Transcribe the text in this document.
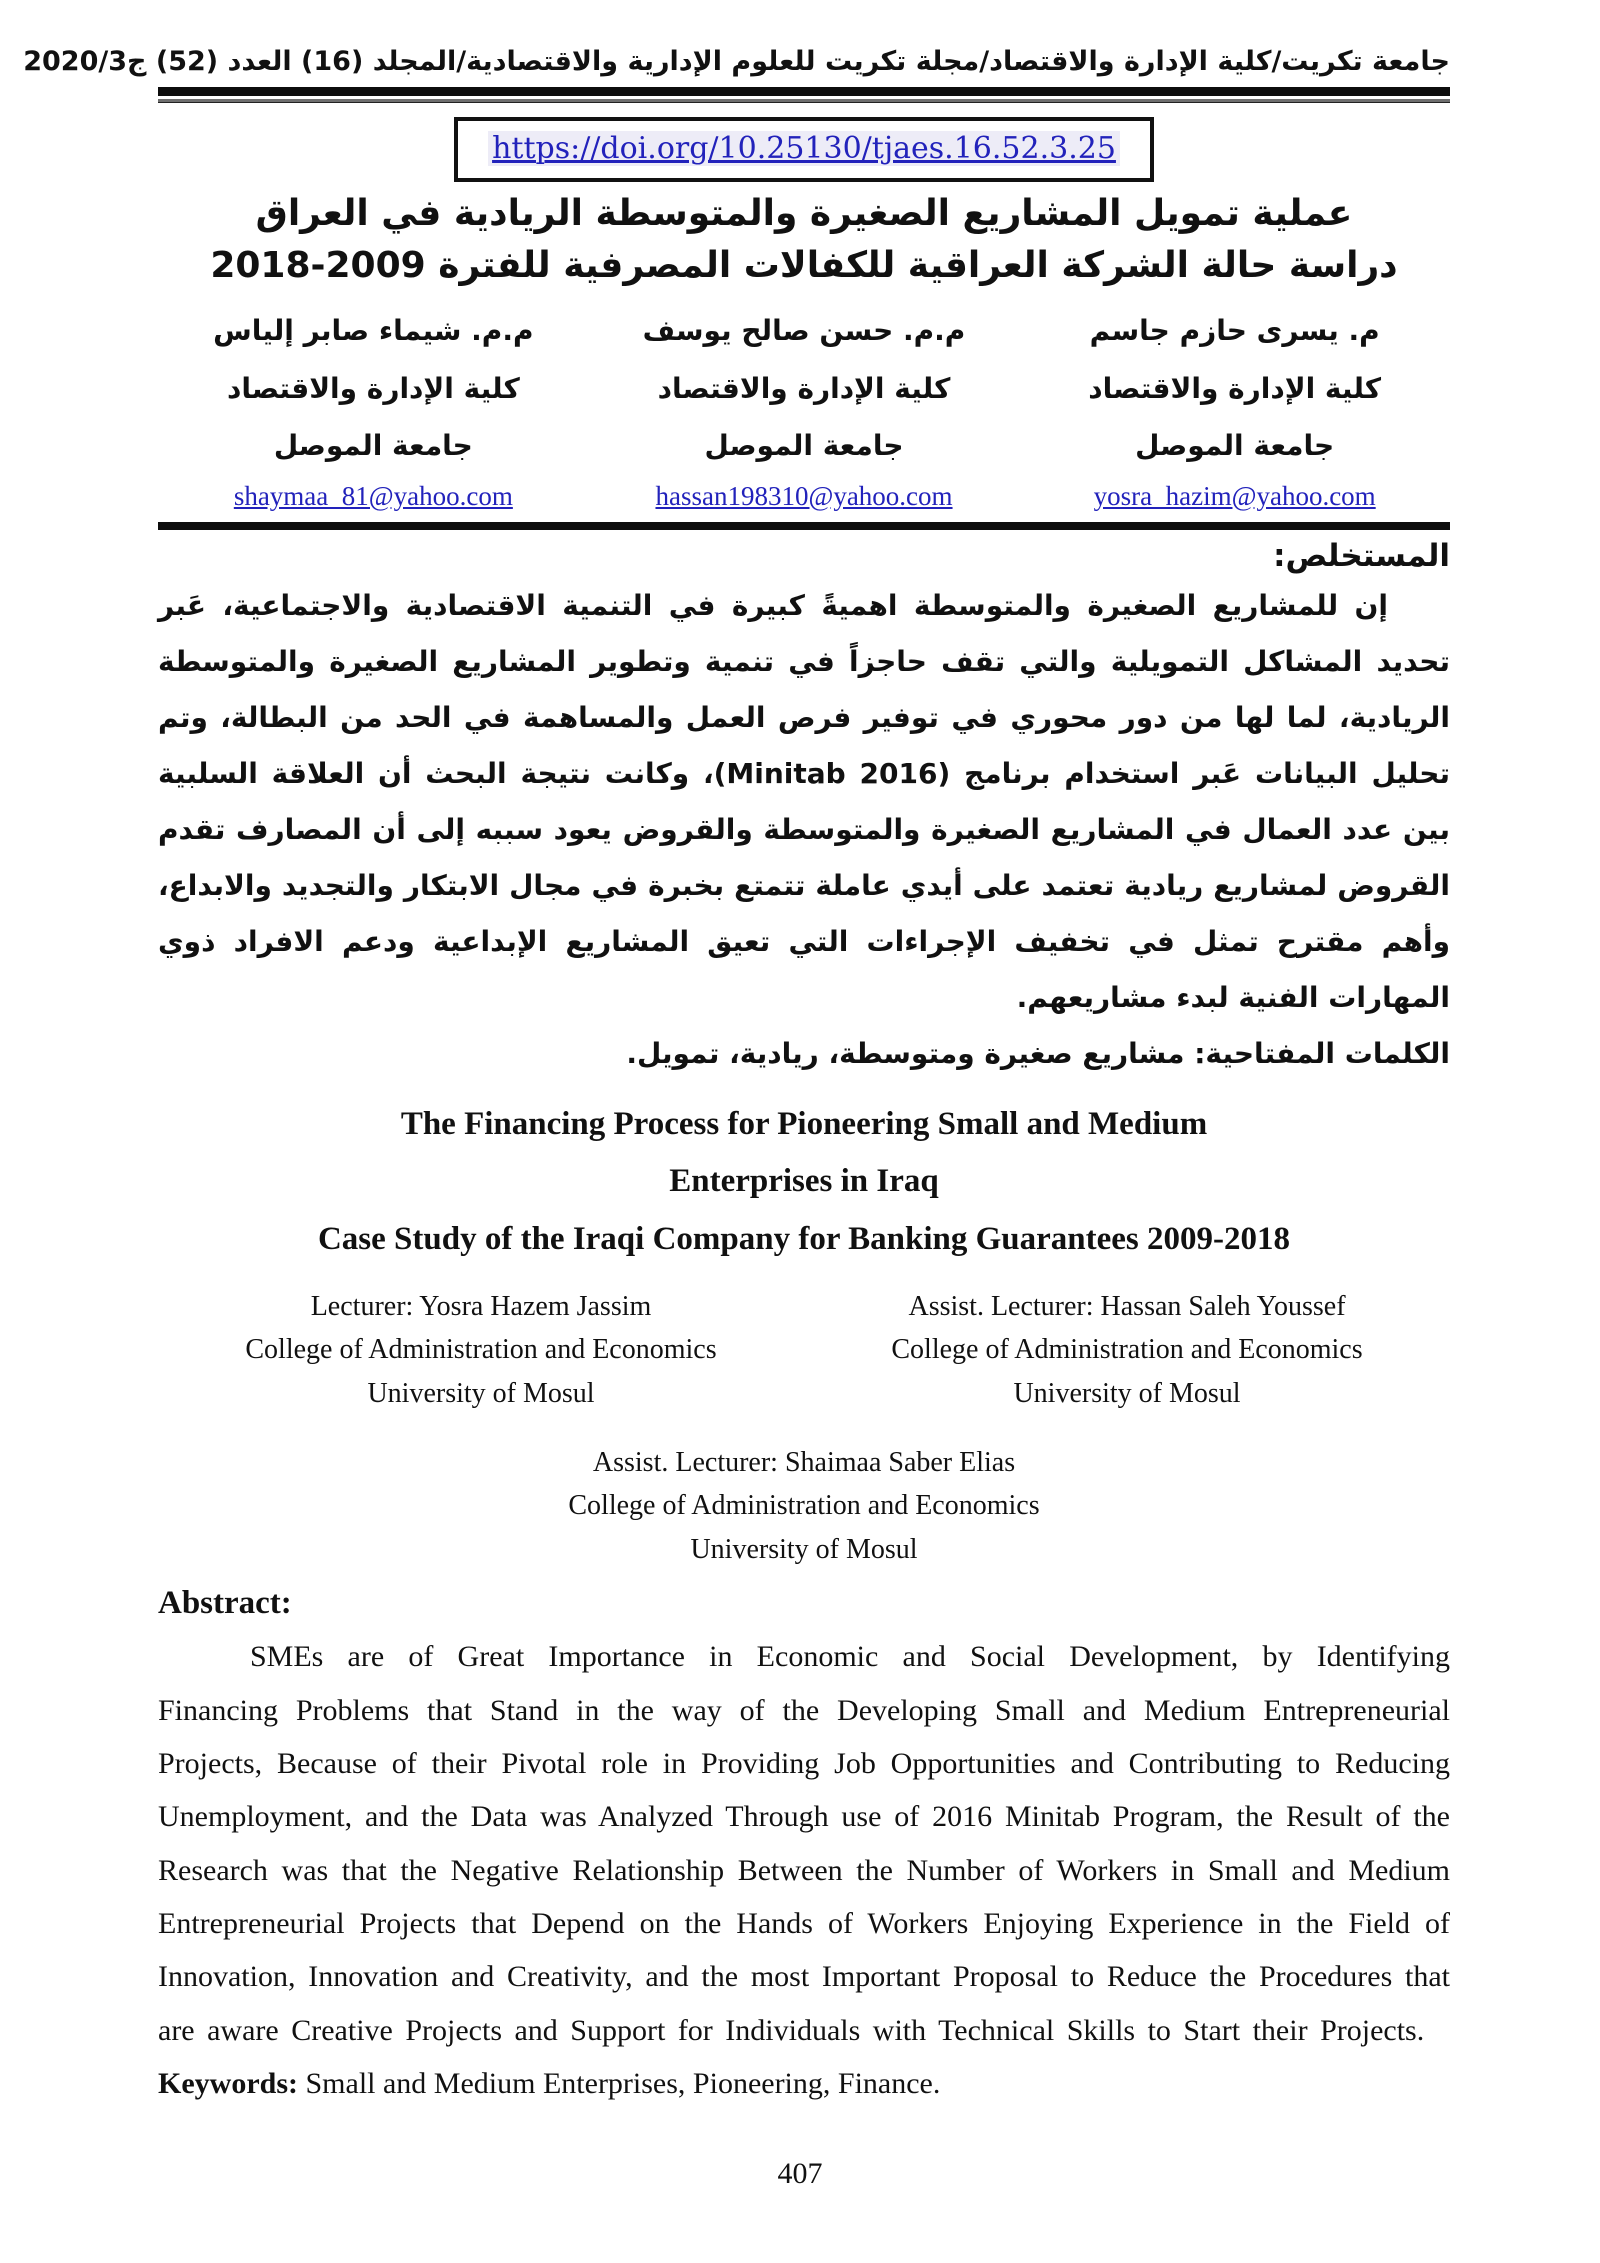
جامعة تكريت/كلية الإدارة والاقتصاد/مجلة تكريت للعلوم الإدارية والاقتصادية/المجلد (16) العدد (52) ج2020/3
https://doi.org/10.25130/tjaes.16.52.3.25
عملية تمويل المشاريع الصغيرة والمتوسطة الريادية في العراق
دراسة حالة الشركة العراقية للكفالات المصرفية للفترة 2009‏-‏2018
م. يسرى حازم جاسم
كلية الإدارة والاقتصاد
جامعة الموصل
yosra_hazim@yahoo.com
م.م. حسن صالح يوسف
كلية الإدارة والاقتصاد
جامعة الموصل
hassan198310@yahoo.com
م.م. شيماء صابر إلياس
كلية الإدارة والاقتصاد
جامعة الموصل
shaymaa_81@yahoo.com
المستخلص:
إن للمشاريع الصغيرة والمتوسطة اهميةً كبيرة في التنمية الاقتصادية والاجتماعية، عَبر تحديد المشاكل التمويلية والتي تقف حاجزاً في تنمية وتطوير المشاريع الصغيرة والمتوسطة الريادية، لما لها من دور محوري في توفير فرص العمل والمساهمة في الحد من البطالة، وتم تحليل البيانات عَبر استخدام برنامج (Minitab 2016)، وكانت نتيجة البحث أن العلاقة السلبية بين عدد العمال في المشاريع الصغيرة والمتوسطة والقروض يعود سببه إلى أن المصارف تقدم القروض لمشاريع ريادية تعتمد على أيدي عاملة تتمتع بخبرة في مجال الابتكار والتجديد والابداع، وأهم مقترح تمثل في تخفيف الإجراءات التي تعيق المشاريع الإبداعية ودعم الافراد ذوي المهارات الفنية لبدء مشاريعهم.
الكلمات المفتاحية: مشاريع صغيرة ومتوسطة، ريادية، تمويل.
The Financing Process for Pioneering Small and Medium
Enterprises in Iraq
Case Study of the Iraqi Company for Banking Guarantees 2009-2018
Lecturer: Yosra Hazem Jassim
College of Administration and Economics
University of Mosul
Assist. Lecturer: Hassan Saleh Youssef
College of Administration and Economics
University of Mosul
Assist. Lecturer: Shaimaa Saber Elias
College of Administration and Economics
University of Mosul
Abstract:
SMEs are of Great Importance in Economic and Social Development, by Identifying Financing Problems that Stand in the way of the Developing Small and Medium Entrepreneurial Projects, Because of their Pivotal role in Providing Job Opportunities and Contributing to Reducing Unemployment, and the Data was Analyzed Through use of 2016 Minitab Program, the Result of the Research was that the Negative Relationship Between the Number of Workers in Small and Medium Entrepreneurial Projects that Depend on the Hands of Workers Enjoying Experience in the Field of Innovation, Innovation and Creativity, and the most Important Proposal to Reduce the Procedures that are aware Creative Projects and Support for Individuals with Technical Skills to Start their Projects.
Keywords: Small and Medium Enterprises, Pioneering, Finance.
407
